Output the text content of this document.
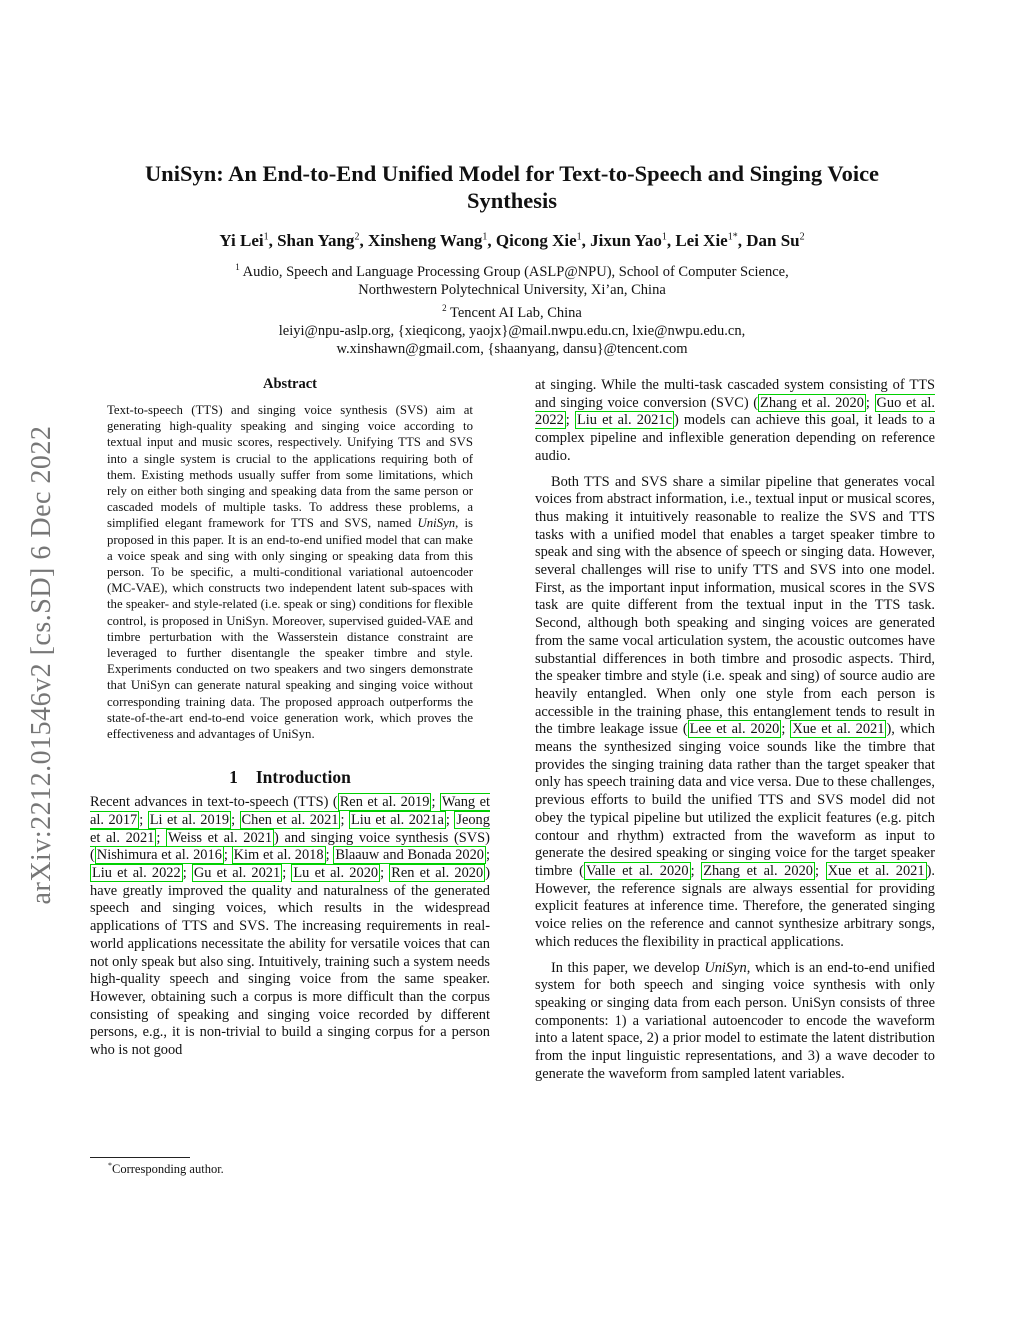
arXiv:2212.01546v2 [cs.SD] 6 Dec 2022
UniSyn: An End-to-End Unified Model for Text-to-Speech and Singing Voice
Synthesis
Yi Lei$^1$, Shan Yang$^2$, Xinsheng Wang$^1$, Qicong Xie$^1$, Jixun Yao$^1$, Lei Xie$^{1*}$, Dan Su$^2$
$^1$ Audio, Speech and Language Processing Group (ASLP@NPU), School of Computer Science,
Northwestern Polytechnical University, Xi’an, China
$^2$ Tencent AI Lab, China
leiyi@npu-aslp.org, {xieqicong, yaojx}@mail.nwpu.edu.cn, lxie@nwpu.edu.cn,
w.xinshawn@gmail.com, {shaanyang, dansu}@tencent.com
Abstract
Text-to-speech (TTS) and singing voice synthesis (SVS) aim at generating high-quality speaking and singing voice according to textual input and music scores, respectively. Unifying TTS and SVS into a single system is crucial to the applications requiring both of them. Existing methods usually suffer from some limitations, which rely on either both singing and speaking data from the same person or cascaded models of multiple tasks. To address these problems, a simplified elegant framework for TTS and SVS, named UniSyn, is proposed in this paper. It is an end-to-end unified model that can make a voice speak and sing with only singing or speaking data from this person. To be specific, a multi-conditional variational autoencoder (MC-VAE), which constructs two independent latent sub-spaces with the speaker- and style-related (i.e. speak or sing) conditions for flexible control, is proposed in UniSyn. Moreover, supervised guided-VAE and timbre perturbation with the Wasserstein distance constraint are leveraged to further disentangle the speaker timbre and style. Experiments conducted on two speakers and two singers demonstrate that UniSyn can generate natural speaking and singing voice without corresponding training data. The proposed approach outperforms the state-of-the-art end-to-end voice generation work, which proves the effectiveness and advantages of UniSyn.
1 Introduction

Recent advances in text-to-speech (TTS) ( Ren et al. 2019 ; Wang et al. 2017 ; Li et al. 2019 ; Chen et al. 2021 ; Liu et al. 2021a ; Jeong et al. 2021 ; Weiss et al. 2021 ) and singing voice synthesis (SVS) ( Nishimura et al. 2016 ; Kim et al. 2018 ; Blaauw and Bonada 2020 ; Liu et al. 2022 ; Gu et al. 2021 ; Lu et al. 2020 ; Ren et al. 2020 ) have greatly improved the quality and naturalness of the generated speech and singing voices, which results in the widespread applications of TTS and SVS. The increasing requirements in real-world applications necessitate the ability for versatile voices that can not only speak but also sing. Intuitively, training such a system needs high-quality speech and singing voice from the same speaker. However, obtaining such a corpus is more difficult than the corpus consisting of speaking and singing voice recorded by different persons, e.g., it is non-trivial to build a singing corpus for a person who is not good

*Corresponding author.

at singing. While the multi-task cascaded system consisting of TTS and singing voice conversion (SVC) ( Zhang et al. 2020 ; Guo et al. 2022 ; Liu et al. 2021c ) models can achieve this goal, it leads to a complex pipeline and inflexible generation depending on reference audio.

Both TTS and SVS share a similar pipeline that generates vocal voices from abstract information, i.e., textual input or musical scores, thus making it intuitively reasonable to realize the SVS and TTS tasks with a unified model that enables a target speaker timbre to speak and sing with the absence of speech or singing data. However, several challenges will rise to unify TTS and SVS into one model. First, as the important input information, musical scores in the SVS task are quite different from the textual input in the TTS task. Second, although both speaking and singing voices are generated from the same vocal articulation system, the acoustic outcomes have substantial differences in both timbre and prosodic aspects. Third, the speaker timbre and style (i.e. speak and sing) of source audio are heavily entangled. When only one style from each person is accessible in the training phase, this entanglement tends to result in the timbre leakage issue ( Lee et al. 2020 ; Xue et al. 2021 ), which means the synthesized singing voice sounds like the timbre that provides the singing training data rather than the target speaker that only has speech training data and vice versa. Due to these challenges, previous efforts to build the unified TTS and SVS model did not obey the typical pipeline but utilized the explicit features (e.g. pitch contour and rhythm) extracted from the waveform as input to generate the desired speaking or singing voice for the target speaker timbre ( Valle et al. 2020 ; Zhang et al. 2020 ; Xue et al. 2021 ). However, the reference signals are always essential for providing explicit features at inference time. Therefore, the generated singing voice relies on the reference and cannot synthesize arbitrary songs, which reduces the flexibility in practical applications.

In this paper, we develop UniSyn, which is an end-to-end unified system for both speech and singing voice synthesis with only speaking or singing data from each person. UniSyn consists of three components: 1) a variational autoencoder to encode the waveform into a latent space, 2) a prior model to estimate the latent distribution from the input linguistic representations, and 3) a wave decoder to generate the waveform from sampled latent variables.
